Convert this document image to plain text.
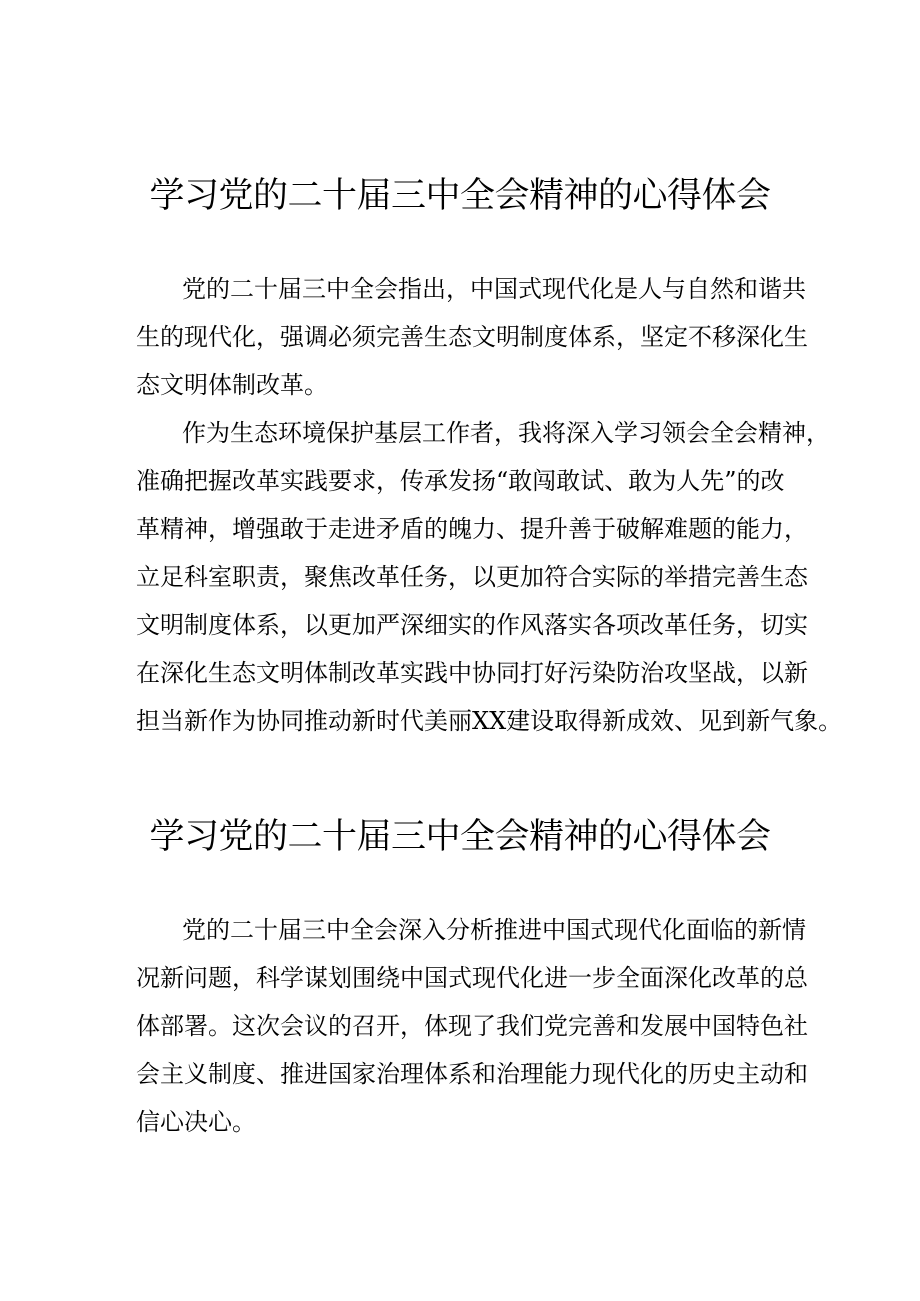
学习党的二十届三中全会精神的心得体会

党的二十届三中全会指出，中国式现代化是人与自然和谐共

生的现代化，强调必须完善生态文明制度体系，坚定不移深化生

态文明体制改革。

作为生态环境保护基层工作者，我将深入学习领会全会精神，

准确把握改革实践要求，传承发扬“敢闯敢试、敢为人先”的改

革精神，增强敢于走进矛盾的魄力、提升善于破解难题的能力，

立足科室职责，聚焦改革任务，以更加符合实际的举措完善生态

文明制度体系，以更加严深细实的作风落实各项改革任务，切实

在深化生态文明体制改革实践中协同打好污染防治攻坚战，以新

担当新作为协同推动新时代美丽XX建设取得新成效、见到新气象。

学习党的二十届三中全会精神的心得体会

党的二十届三中全会深入分析推进中国式现代化面临的新情

况新问题，科学谋划围绕中国式现代化进一步全面深化改革的总

体部署。这次会议的召开，体现了我们党完善和发展中国特色社

会主义制度、推进国家治理体系和治理能力现代化的历史主动和

信心决心。
